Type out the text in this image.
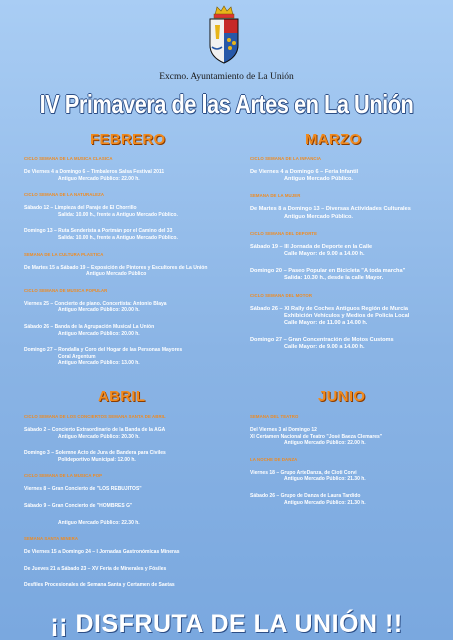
Excmo. Ayuntamiento de La Unión
IV Primavera de las Artes en La Unión
FEBRERO
CICLO SEMANA DE LA MUSICA CLASICA
De Viernes 4 a Domingo 6 – Timbaleros Salsa Festival 2011
Antiguo Mercado Público: 22.00 h.
CICLO SEMANA DE LA NATURALEZA
Sábado 12 – Limpieza del Paraje de El Chorrillo
Salida: 10.00 h., frente a Antiguo Mercado Público.
Domingo 13 – Ruta Senderista a Portmán por el Camino del 33
Salida: 10.00 h., frente a Antiguo Mercado Público.
SEMANA DE LA CULTURA PLASTICA
De Martes 15 a Sábado 19 – Exposición de Pintores y Escultores de La Unión
Antiguo Mercado Público
CICLO SEMANA DE MUSICA POPULAR
Viernes 25 – Concierto de piano. Concertista: Antonio Blaya
Antiguo Mercado Público: 20.00 h.
Sábado 26 – Banda de la Agrupación Musical La Unión
Antiguo Mercado Público: 20.00 h.
Domingo 27 – Rondalla y Coro del Hogar de las Personas Mayores
Coral Argentum
Antiguo Mercado Público: 13.00 h.
MARZO
CICLO SEMANA DE LA INFANCIA
De Viernes 4 a Domingo 6 – Feria Infantil
Antiguo Mercado Público.
SEMANA DE LA MUJER
De Martes 8 a Domingo 13 – Diversas Actividades Culturales
Antiguo Mercado Público.
CICLO SEMANA DEL DEPORTE
Sábado 19 – III Jornada de Deporte en la Calle
Calle Mayor: de 9.00 a 14.00 h.
Domingo 20 – Paseo Popular en Bicicleta "A toda marcha"
Salida: 10.30 h., desde la calle Mayor.
CICLO SEMANA DEL MOTOR
Sábado 26 – XI Rally de Coches Antiguos Región de Murcia
Exhibición Vehículos y Medios de Policía Local
Calle Mayor: de 11.00 a 14.00 h.
Domingo 27 – Gran Concentración de Motos Customs
Calle Mayor: de 9.00 a 14.00 h.
ABRIL
CICLO SEMANA DE LOS CONCIERTOS SEMANA SANTA DE ABRIL
Sábado 2 – Concierto Extraordinario de la Banda de la AGA
Antiguo Mercado Público: 20.30 h.
Domingo 3 – Solemne Acto de Jura de Bandera para Civiles
Polideportivo Municipal: 12.00 h.
CICLO SEMANA DE LA MUSICA POP
Viernes 8 – Gran Concierto de "LOS REBUJITOS"
Sábado 9 – Gran Concierto de "HOMBRES G"
Antiguo Mercado Público: 22.30 h.
SEMANA SANTA MINERA
De Viernes 15 a Domingo 24 – I Jornadas Gastronómicas Mineras
De Jueves 21 a Sábado 23 – XV Feria de Minerales y Fósiles
Desfiles Procesionales de Semana Santa y Certamen de Saetas
JUNIO
SEMANA DEL TEATRO
Del Viernes 3 al Domingo 12
XI Certamen Nacional de Teatro "José Baeza Clemares"
Antiguo Mercado Público: 22.00 h.
LA NOCHE DE DANZA
Viernes 18 – Grupo ArteDanza, de Cioti Corvi
Antiguo Mercado Público: 21.30 h.
Sábado 26 – Grupo de Danza de Laura Tardido
Antiguo Mercado Público: 21.30 h.
¡¡ DISFRUTA DE LA UNIÓN !!
